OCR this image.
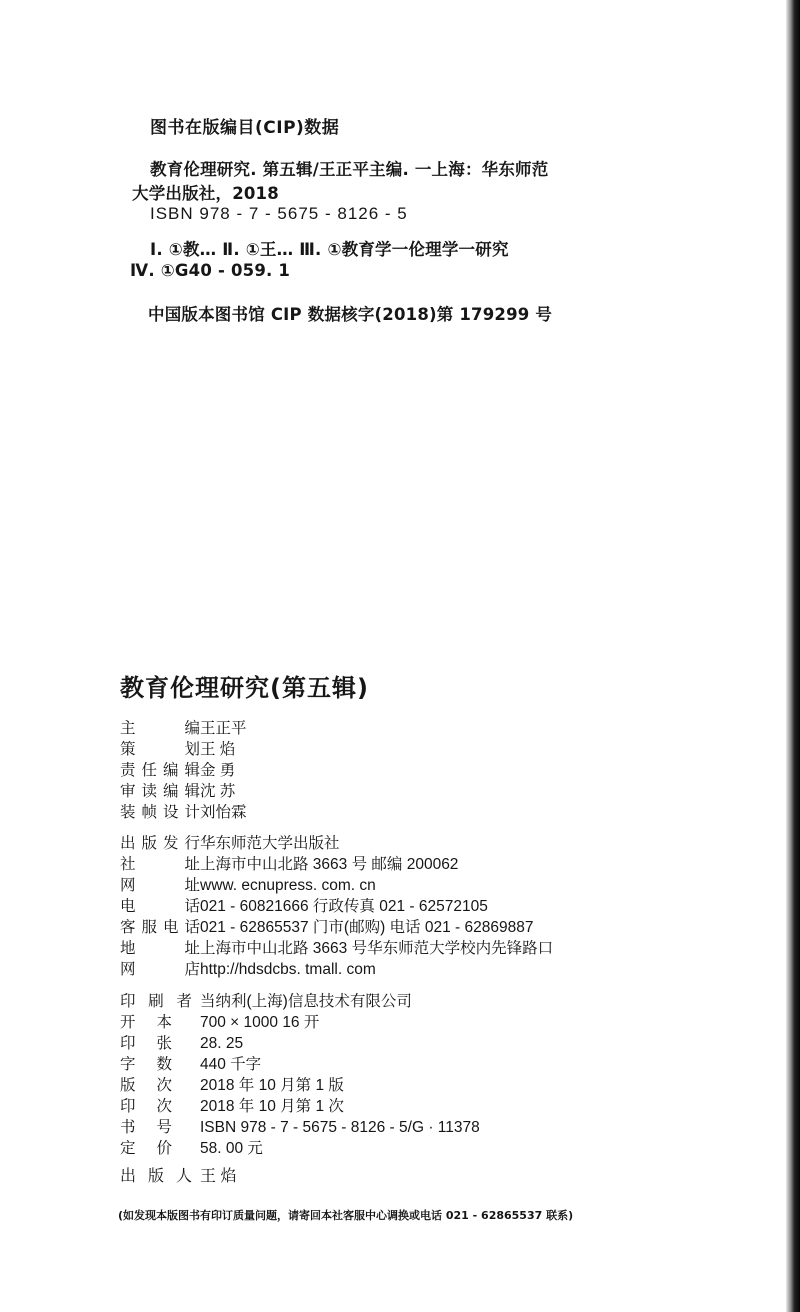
图书在版编目(CIP)数据
教育伦理研究. 第五辑/王正平主编. 一上海：华东师范
大学出版社，2018
ISBN 978 - 7 - 5675 - 8126 - 5
Ⅰ. ①教… Ⅱ. ①王… Ⅲ. ①教育学一伦理学一研究
Ⅳ. ①G40 - 059. 1
中国版本图书馆 CIP 数据核字(2018)第 179299 号
教育伦理研究(第五辑)
主编王正平
策划王 焰
责任编辑金 勇
审读编辑沈 苏
装帧设计刘怡霖
出版发行华东师范大学出版社
社址上海市中山北路 3663 号 邮编 200062
网址www. ecnupress. com. cn
电话021 - 60821666 行政传真 021 - 62572105
客服电话021 - 62865537 门市(邮购) 电话 021 - 62869887
地址上海市中山北路 3663 号华东师范大学校内先锋路口
网店http://hdsdcbs. tmall. com
印刷者 当纳利(上海)信息技术有限公司
开本 700 × 1000 16 开
印张 28. 25
字数 440 千字
版次 2018 年 10 月第 1 版
印次 2018 年 10 月第 1 次
书号 ISBN 978 - 7 - 5675 - 8126 - 5/G · 11378
定价 58. 00 元
出版人 王 焰
(如发现本版图书有印订质量问题，请寄回本社客服中心调换或电话 021 - 62865537 联系)
